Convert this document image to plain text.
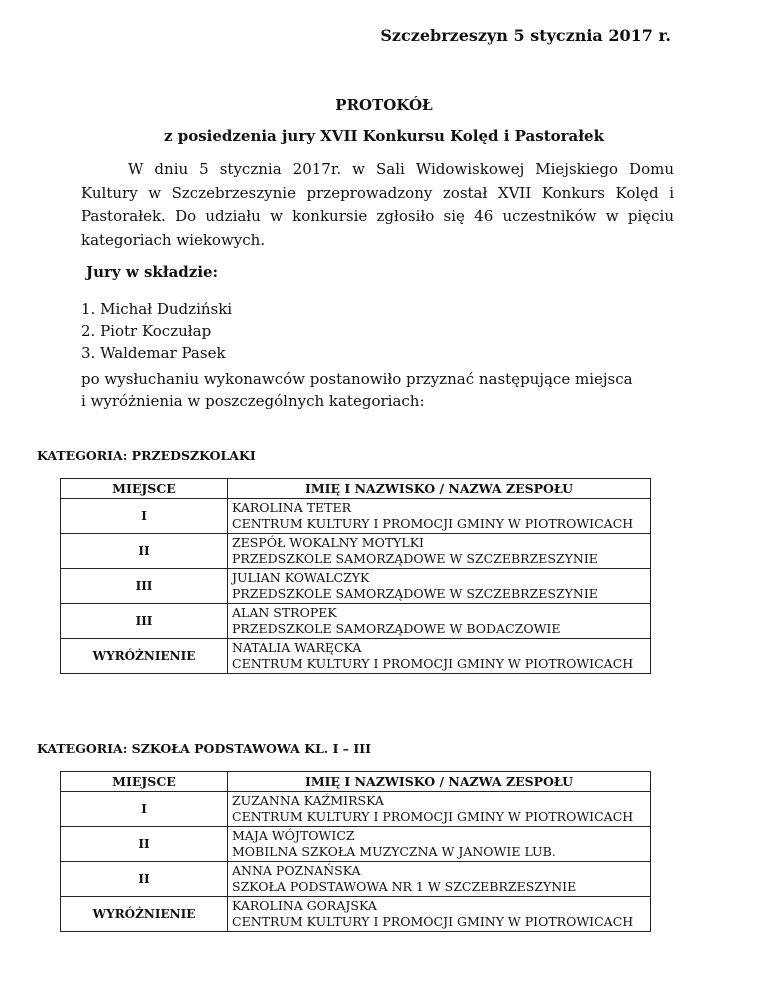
Szczebrzeszyn 5 stycznia 2017 r.
PROTOKÓŁ
z posiedzenia jury XVII Konkursu Kolęd i Pastorałek

W dniu 5 stycznia 2017r. w Sali Widowiskowej Miejskiego Domu Kultury w Szczebrzeszynie przeprowadzony został XVII Konkurs Kolęd i Pastorałek. Do udziału w konkursie zgłosiło się 46 uczestników w pięciu kategoriach wiekowych.

Jury w składzie:
1. Michał Dudziński
2. Piotr Koczułap
3. Waldemar Pasek
po wysłuchaniu wykonawców postanowiło przyznać następujące miejsca
i wyróżnienia w poszczególnych kategoriach:
KATEGORIA: PRZEDSZKOLAKI
MIEJSCE	IMIĘ I NAZWISKO / NAZWA ZESPOŁU
I	KAROLINA TETER
CENTRUM KULTURY I PROMOCJI GMINY W PIOTROWICACH

II	ZESPÓŁ WOKALNY MOTYLKI
PRZEDSZKOLE SAMORZĄDOWE W SZCZEBRZESZYNIE

III	JULIAN KOWALCZYK
PRZEDSZKOLE SAMORZĄDOWE W SZCZEBRZESZYNIE

III	ALAN STROPEK
PRZEDSZKOLE SAMORZĄDOWE W BODACZOWIE

WYRÓŻNIENIE	NATALIA WARĘCKA
CENTRUM KULTURY I PROMOCJI GMINY W PIOTROWICACH
KATEGORIA: SZKOŁA PODSTAWOWA KL. I – III
MIEJSCE	IMIĘ I NAZWISKO / NAZWA ZESPOŁU
I	ZUZANNA KAŹMIRSKA
CENTRUM KULTURY I PROMOCJI GMINY W PIOTROWICACH

II	MAJA WÓJTOWICZ
MOBILNA SZKOŁA MUZYCZNA W JANOWIE LUB.

II	ANNA POZNAŃSKA
SZKOŁA PODSTAWOWA NR 1 W SZCZEBRZESZYNIE

WYRÓŻNIENIE	KAROLINA GORAJSKA
CENTRUM KULTURY I PROMOCJI GMINY W PIOTROWICACH
